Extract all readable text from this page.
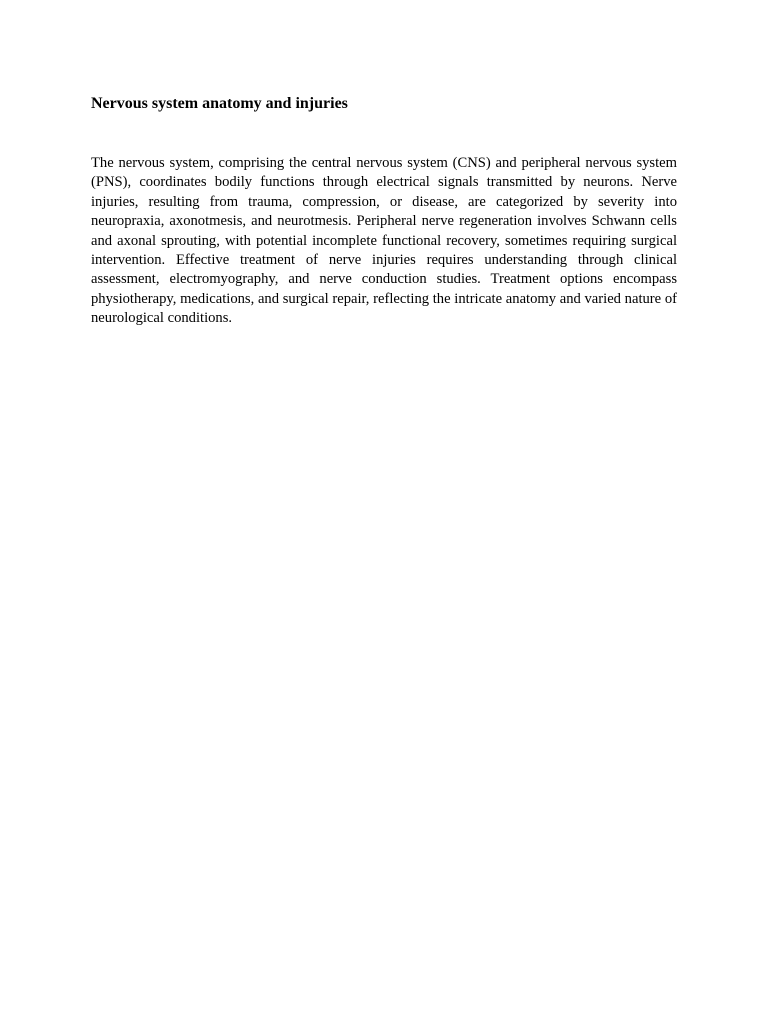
Nervous system anatomy and injuries

The nervous system, comprising the central nervous system (CNS) and peripheral nervous system (PNS), coordinates bodily functions through electrical signals transmitted by neurons. Nerve injuries, resulting from trauma, compression, or disease, are categorized by severity into neuropraxia, axonotmesis, and neurotmesis. Peripheral nerve regeneration involves Schwann cells and axonal sprouting, with potential incomplete functional recovery, sometimes requiring surgical intervention. Effective treatment of nerve injuries requires understanding through clinical assessment, electromyography, and nerve conduction studies. Treatment options encompass physiotherapy, medications, and surgical repair, reflecting the intricate anatomy and varied nature of neurological conditions.
